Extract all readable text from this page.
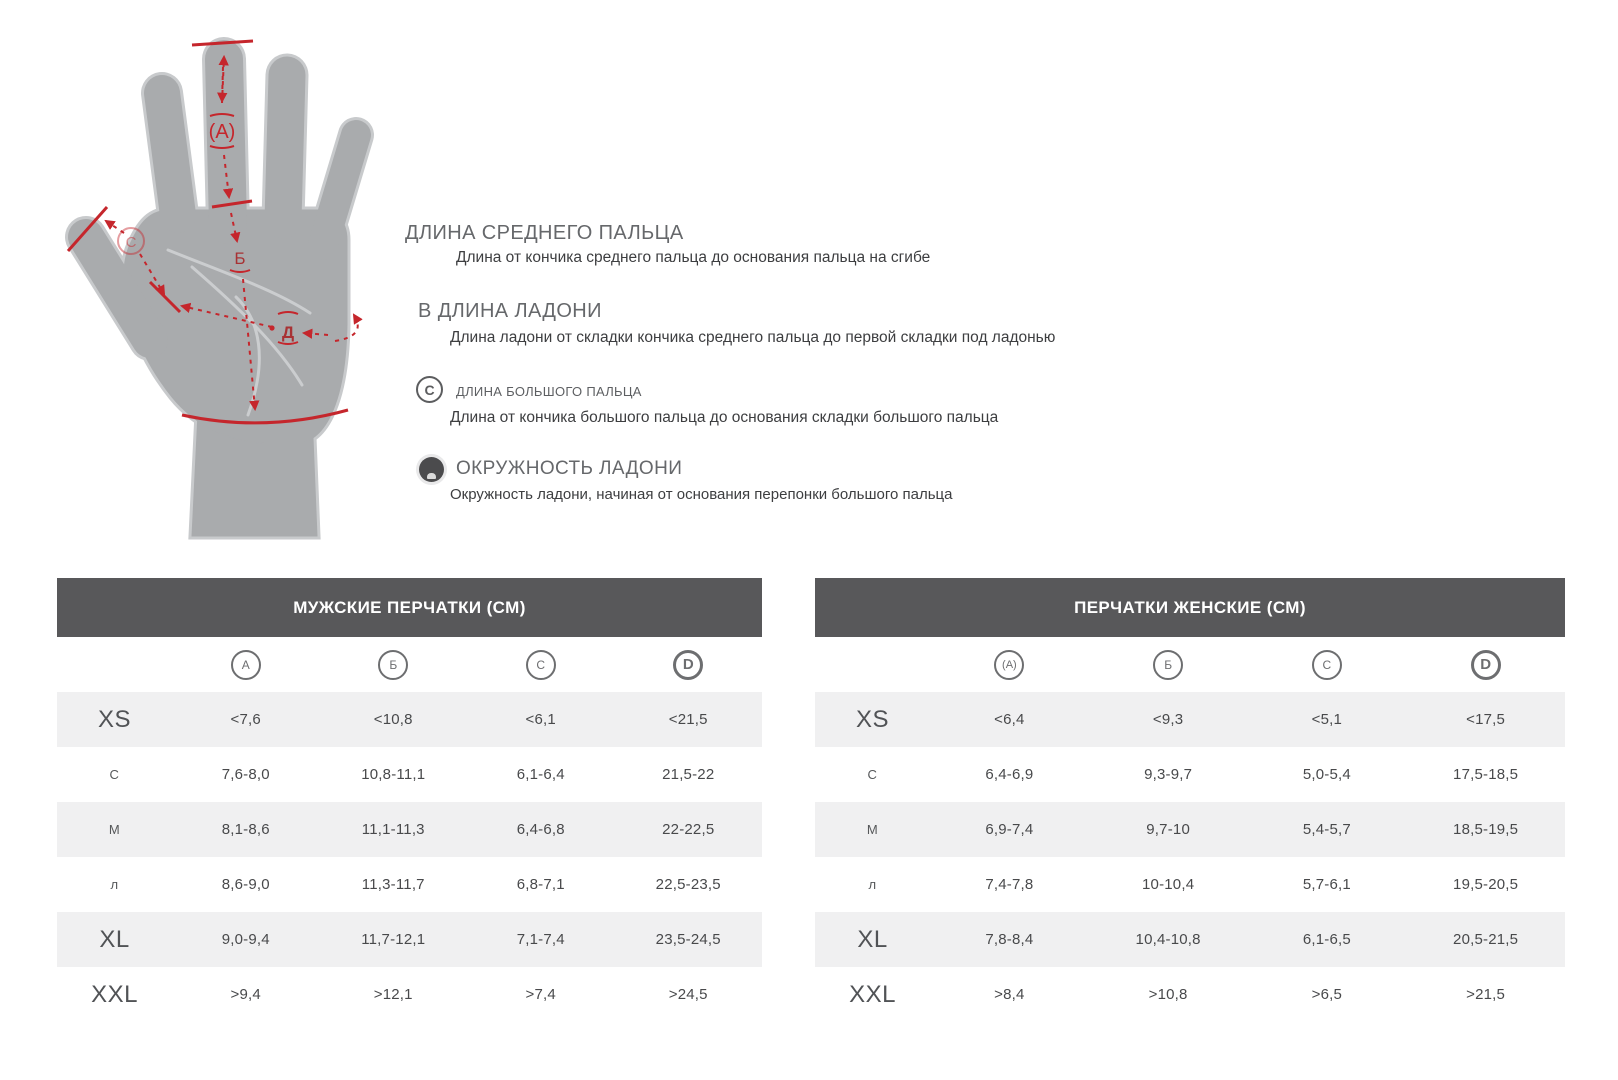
(А)
Б
Д
С	ДЛИНА СРЕДНЕГО ПАЛЬЦА
Длина от кончика среднего пальца до основания пальца на сгибе
В ДЛИНА ЛАДОНИ
Длина ладони от складки кончика среднего пальца до первой складки под ладонью
С ДЛИНА БОЛЬШОГО ПАЛЬЦА
Длина от кончика большого пальца до основания складки большого пальца
ОКРУЖНОСТЬ ЛАДОНИ
Окружность ладони, начиная от основания перепонки большого пальца
МУЖСКИЕ ПЕРЧАТКИ (СМ)
А	Б	С	D
XS	<7,6	<10,8	<6,1	<21,5
С	7,6-8,0	10,8-11,1	6,1-6,4	21,5-22
М	8,1-8,6	11,1-11,3	6,4-6,8	22-22,5
л	8,6-9,0	11,3-11,7	6,8-7,1	22,5-23,5
XL	9,0-9,4	11,7-12,1	7,1-7,4	23,5-24,5
XXL	>9,4	>12,1	>7,4	>24,5
ПЕРЧАТКИ ЖЕНСКИЕ (СМ)
(А)	Б	С	D
XS	<6,4	<9,3	<5,1	<17,5
С	6,4-6,9	9,3-9,7	5,0-5,4	17,5-18,5
М	6,9-7,4	9,7-10	5,4-5,7	18,5-19,5
л	7,4-7,8	10-10,4	5,7-6,1	19,5-20,5
XL	7,8-8,4	10,4-10,8	6,1-6,5	20,5-21,5
XXL	>8,4	>10,8	>6,5	>21,5
